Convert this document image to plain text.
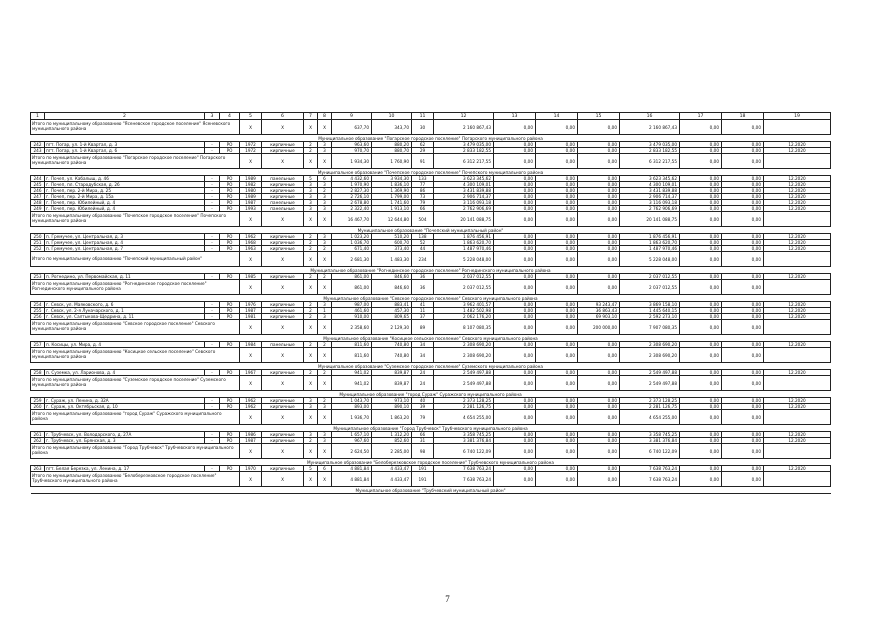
1	2	3	4	5	6	7	8	9	10	11	12	13	14	15	16	17	18	19
Итого по муниципальному образованию "Ясеневское городское поселение" Ясеневского муниципального района				X	X	X	X	637,70	343,70	30	2 160 867,43	0,00	0,00	0,00	2 160 867,43	0,00	0,00	
Муниципальное образование "Погарское городское поселение" Погарского муниципального района																		
242	пгт. Погар, ул. 1-й Квартал, д. 3	-	РО	1972	кирпичные	2	3	963,60	880,20	62	3 479 035,00	0,00	0,00	0,00	3 479 035,00	0,00	0,00	12.2020
243	пгт. Погар, ул. 1-й Квартал, д. 6	-	РО	1972	кирпичные	2	3	970,70	880,70	29	2 833 182,55	0,00	0,00	0,00	2 833 182,55	0,00	0,00	12.2020
Итого по муниципальному образованию "Погарское городское поселение" Погарского муниципального района				X	X	X	X	1 934,30	1 760,90	91	6 312 217,55	0,00	0,00	0,00	6 312 217,55	0,00	0,00	
Муниципальное образование "Почепское городское поселение" Почепского муниципального района																		
244	г. Почеп, ул. Кабалыш, д. 46	-	РО	1989	панельные	5	6	4 432,60	3 934,30	133	3 623 345,62	0,00	0,00	0,00	3 623 345,62	0,00	0,00	12.2020
245	г. Почеп, пл. Стародубская, д. 26	-	РО	1982	кирпичные	3	3	1 970,90	1 836,10	77	4 300 109,01	0,00	0,00	0,00	4 300 109,01	0,00	0,00	12.2020
246	г. Почеп, пер. 2-й Мира, д. 25	-	РО	1980	кирпичные	3	2	2 827,30	1 369,90	86	3 431 839,88	0,00	0,00	0,00	3 431 839,88	0,00	0,00	12.2020
247	г. Почеп, пер. 2-й Мира, д. 15а	-	РО	1989	кирпичные	3	3	2 726,10	1 799,00	73	2 906 714,37	0,00	0,00	0,00	2 906 714,37	0,00	0,00	12.2020
248	г. Почеп, пер. Юбилейный, д. 4	-	РО	1987	панельные	3	3	2 678,80	1 741,60	79	3 116 093,18	0,00	0,00	0,00	3 116 093,18	0,00	0,00	12.2020
249	г. Почеп, пер. Юбилейный, д. 4	-	РО	1993	панельные	3	3	2 322,40	1 913,10	66	2 762 906,69	0,00	0,00	0,00	2 762 906,69	0,00	0,00	12.2020
Итого по муниципальному образованию "Почепское городское поселение" Почепского муниципального района				X	X	X	X	16 467,70	12 644,80	504	20 141 088,75	0,00	0,00	0,00	20 141 088,75	0,00	0,00	
Муниципальное образование "Почепский муниципальный район"																		
250	п. Гремучее, ул. Центральная, д. 3	-	РО	1962	кирпичные	2	3	1 023,20	510,20	138	1 876 456,91	0,00	0,00	0,00	1 876 456,91	0,00	0,00	12.2020
251	п. Гремучее, ул. Центральная, д. 4	-	РО	1968	кирпичные	2	3	1 036,70	600,70	52	1 863 620,70	0,00	0,00	0,00	1 863 620,70	0,00	0,00	12.2020
252	п. Гремучее, ул. Центральная, д. 7	-	РО	1963	кирпичные	2	2	671,40	373,40	44	1 487 970,46	0,00	0,00	0,00	1 487 970,46	0,00	0,00	12.2020
Итого по муниципальному образованию "Почепский муниципальный район"				X	X	X	X	2 681,30	1 483,30	234	5 228 048,00	0,00	0,00	0,00	5 228 048,00	0,00	0,00	
Муниципальное образование "Рогнединское городское поселение" Рогнединского муниципального района																		
253	п. Рогнедино, ул. Первомайская, д. 11	-	РО	1985	кирпичные	2	2	861,00	846,60	36	2 037 012,55	0,00	0,00	0,00	2 037 012,55	0,00	0,00	12.2020
Итого по муниципальному образованию "Рогнединское городское поселение" Рогнединского муниципального района				X	X	X	X	861,00	846,60	36	2 037 012,55	0,00	0,00	0,00	2 037 012,55	0,00	0,00	
Муниципальное образование "Севское городское поселение" Севского муниципального района																		
254	г. Севск, ул. Маяковского, д. 6	-	РО	1976	кирпичные	2	3	987,00	883,41	41	3 962 401,57	0,00	0,00	93 243,47	3 869 158,10	0,00	0,00	12.2020
255	г. Севск, ул. 2-я Луначарского, д. 1	-	РО	1987	кирпичные	2	1	461,60	457,30	11	1 482 502,98	0,00	0,00	36 863,43	1 445 640,15	0,00	0,00	12.2020
256	г. Севск, ул. Салтыкова-Щедрина, д. 11	-	РО	1981	кирпичные	2	3	910,00	809,65	37	2 062 176,20	0,00	0,00	69 903,10	2 592 273,10	0,00	0,00	12.2020
Итого по муниципальному образованию "Севское городское поселение" Севского муниципального района				X	X	X	X	2 358,60	2 129,30	89	8 107 080,35	0,00	0,00	200 000,00	7 907 080,35	0,00	0,00	
Муниципальное образование "Косицкое сельское поселение" Севского муниципального района																		
257	п. Косицы, ул. Мира, д. 4	-	РО	1984	панельные	2	2	811,60	740,80	34	2 308 690,20	0,00	0,00	0,00	2 308 690,20	0,00	0,00	12.2020
Итого по муниципальному образованию "Косицкое сельское поселение" Севского муниципального района				X	X	X	X	811,60	740,80	34	2 308 690,20	0,00	0,00	0,00	2 308 690,20	0,00	0,00	
Муниципальное образование "Суземское городское поселение" Суземского муниципального района																		
258	п. Суземка, ул. Ларионова, д. 4	-	РО	1967	кирпичные	2	2	941,02	839,87	24	2 549 497,88	0,00	0,00	0,00	2 549 497,88	0,00	0,00	12.2020
Итого по муниципальному образованию "Суземское городское поселение" Суземского муниципального района				X	X	X	X	941,02	839,87	24	2 549 497,88	0,00	0,00	0,00	2 549 497,88	0,00	0,00	
Муниципальное образование "город Сураж" Суражского муниципального района																		
259	г. Сураж, ул. Ленина, д. 32А	-	РО	1962	кирпичные	3	2	1 043,70	973,10	40	2 373 128,25	0,00	0,00	0,00	2 373 128,25	0,00	0,00	12.2020
260	г. Сураж, ул. Октябрьская, д. 10	-	РО	1962	кирпичные	3	3	893,00	890,10	39	2 281 126,75	0,00	0,00	0,00	2 281 126,75	0,00	0,00	12.2020
Итого по муниципальному образованию "город Сураж" Суражского муниципального района				X	X	X	X	1 936,70	1 863,20	79	4 654 255,00	0,00	0,00	0,00	4 654 255,00	0,00	0,00	
Муниципальное образование "Город Трубчевск" Трубчевского муниципального района																		
261	г. Трубчевск, ул. Володарского, д. 27А	-	РО	1986	кирпичные	3	3	1 657,10	1 312,20	66	3 358 745,25	0,00	0,00	0,00	3 358 745,25	0,00	0,00	12.2020
262	г. Трубчевск, ул. Брянская, д. 3	-	РО	1987	кирпичные	2	3	967,60	852,60	31	3 381 376,84	0,00	0,00	0,00	3 381 376,84	0,00	0,00	12.2020
Итого по муниципальному образованию "Город Трубчевск" Трубчевского муниципального района				X	X	X	X	2 624,50	2 285,00	98	6 740 122,09	0,00	0,00	0,00	6 740 122,09	0,00	0,00	
Муниципальное образование "Белоберезковское городское поселение" Трубчевского муниципального района																		
263	пгт. Белая Березка, ул. Ленина, д. 17	-	РО	1970	кирпичные	5	6	4 881,84	4 433,47	191	7 638 763,24	0,00	0,00	0,00	7 638 763,24	0,00	0,00	12.2020
Итого по муниципальному образованию "Белоберезковское городское поселение" Трубчевского муниципального района				X	X	X	X	4 881,84	4 433,47	191	7 638 763,24	0,00	0,00	0,00	7 638 763,24	0,00	0,00	
Муниципальное образование "Трубчевский муниципальный район"																		
7
